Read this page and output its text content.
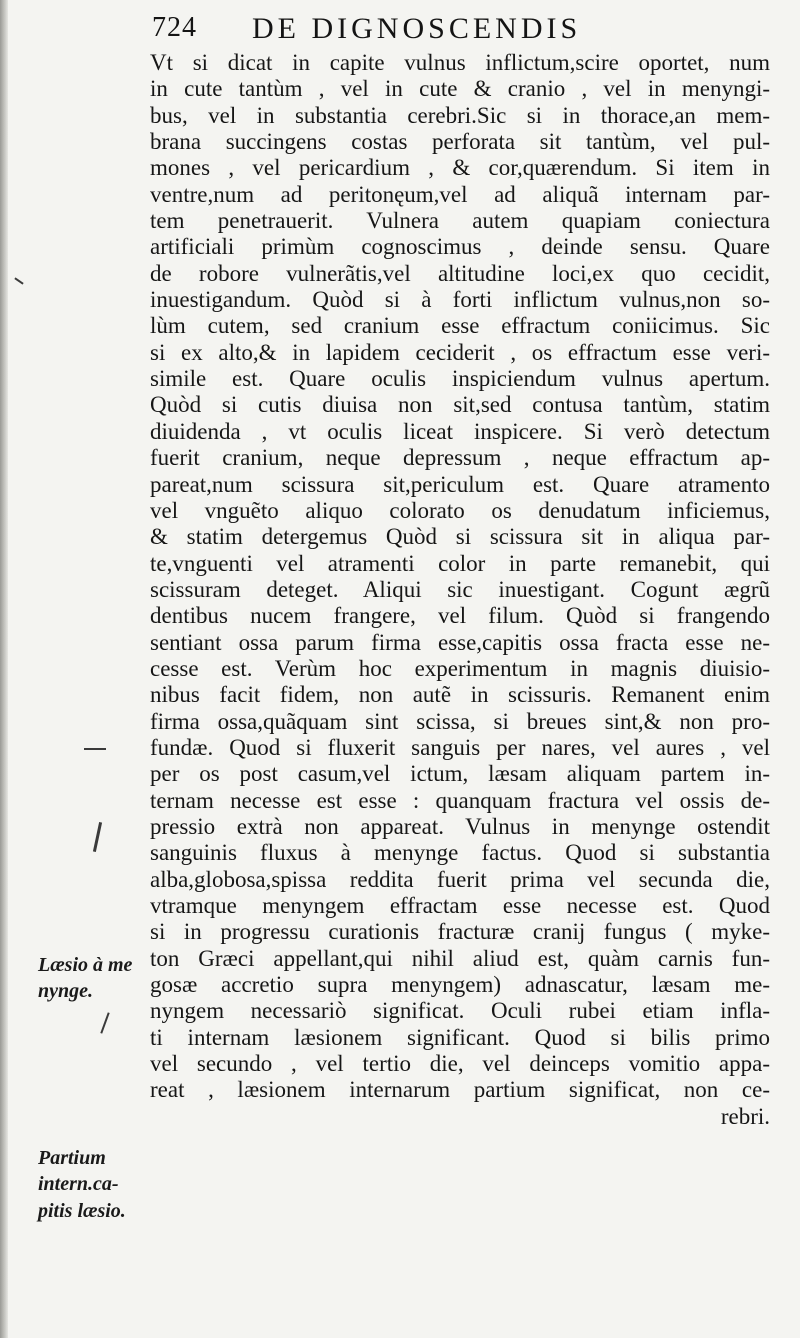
724 DE DIGNOSCENDIS
Vt si dicat in capite vulnus inflictum,scire oportet, num
in cute tantùm , vel in cute & cranio , vel in menyngi-
bus, vel in substantia cerebri.Sic si in thorace,an mem-
brana succingens costas perforata sit tantùm, vel pul-
mones , vel pericardium , & cor,quærendum. Si item in
ventre,num ad peritonęum,vel ad aliquã internam par-
tem penetrauerit. Vulnera autem quapiam coniectura
artificiali primùm cognoscimus , deinde sensu. Quare
de robore vulnerãtis,vel altitudine loci,ex quo cecidit,
inuestigandum. Quòd si à forti inflictum vulnus,non so-
lùm cutem, sed cranium esse effractum coniicimus. Sic
si ex alto,& in lapidem ceciderit , os effractum esse veri-
simile est. Quare oculis inspiciendum vulnus apertum.
Quòd si cutis diuisa non sit,sed contusa tantùm, statim
diuidenda , vt oculis liceat inspicere. Si verò detectum
fuerit cranium, neque depressum , neque effractum ap-
pareat,num scissura sit,periculum est. Quare atramento
vel vnguẽto aliquo colorato os denudatum inficiemus,
& statim detergemus Quòd si scissura sit in aliqua par-
te,vnguenti vel atramenti color in parte remanebit, qui
scissuram deteget. Aliqui sic inuestigant. Cogunt ægrũ
dentibus nucem frangere, vel filum. Quòd si frangendo
sentiant ossa parum firma esse,capitis ossa fracta esse ne-
cesse est. Verùm hoc experimentum in magnis diuisio-
nibus facit fidem, non autẽ in scissuris. Remanent enim
firma ossa,quãquam sint scissa, si breues sint,& non pro-
fundæ. Quod si fluxerit sanguis per nares, vel aures , vel
per os post casum,vel ictum, læsam aliquam partem in-
ternam necesse est esse : quanquam fractura vel ossis de-
pressio extrà non appareat. Vulnus in menynge ostendit
sanguinis fluxus à menynge factus. Quod si substantia
alba,globosa,spissa reddita fuerit prima vel secunda die,
vtramque menyngem effractam esse necesse est. Quod
si in progressu curationis fracturæ cranij fungus ( myke-
ton Græci appellant,qui nihil aliud est, quàm carnis fun-
gosæ accretio supra menyngem) adnascatur, læsam me-
nyngem necessariò significat. Oculi rubei etiam infla-
ti internam læsionem significant. Quod si bilis primo
vel secundo , vel tertio die, vel deinceps vomitio appa-
reat , læsionem internarum partium significat, non ce-
rebri.
Læsio à me
nynge.
Partium
intern.ca-
pitis læsio.
